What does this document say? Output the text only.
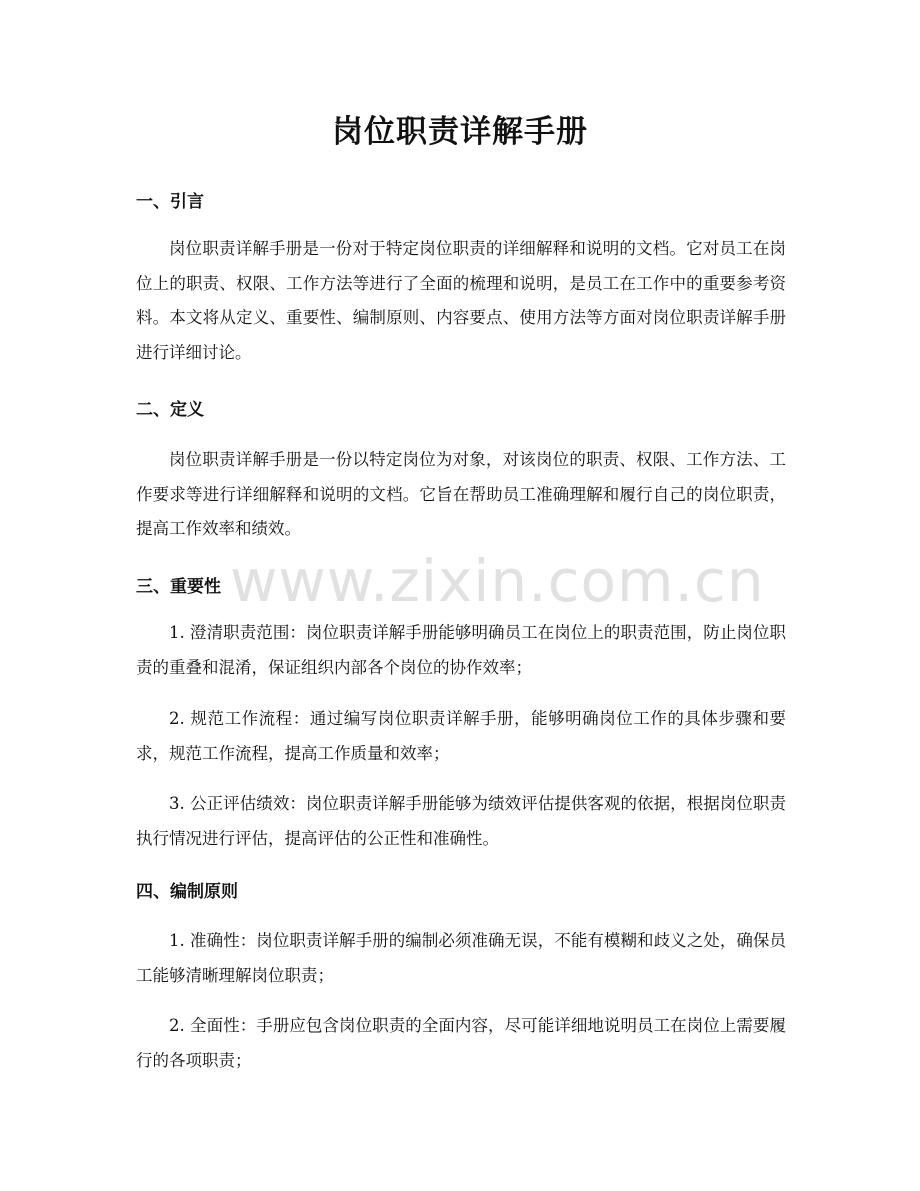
岗位职责详解手册
一、引言
岗位职责详解手册是一份对于特定岗位职责的详细解释和说明的文档。它对员工在岗位上的职责、权限、工作方法等进行了全面的梳理和说明，是员工在工作中的重要参考资料。本文将从定义、重要性、编制原则、内容要点、使用方法等方面对岗位职责详解手册进行详细讨论。
二、定义
岗位职责详解手册是一份以特定岗位为对象，对该岗位的职责、权限、工作方法、工作要求等进行详细解释和说明的文档。它旨在帮助员工准确理解和履行自己的岗位职责，提高工作效率和绩效。
三、重要性
1. 澄清职责范围：岗位职责详解手册能够明确员工在岗位上的职责范围，防止岗位职责的重叠和混淆，保证组织内部各个岗位的协作效率；
2. 规范工作流程：通过编写岗位职责详解手册，能够明确岗位工作的具体步骤和要求，规范工作流程，提高工作质量和效率；
3. 公正评估绩效：岗位职责详解手册能够为绩效评估提供客观的依据，根据岗位职责执行情况进行评估，提高评估的公正性和准确性。
四、编制原则
1. 准确性：岗位职责详解手册的编制必须准确无误，不能有模糊和歧义之处，确保员工能够清晰理解岗位职责；
2. 全面性：手册应包含岗位职责的全面内容，尽可能详细地说明员工在岗位上需要履行的各项职责；
www.zixin.com.cn
